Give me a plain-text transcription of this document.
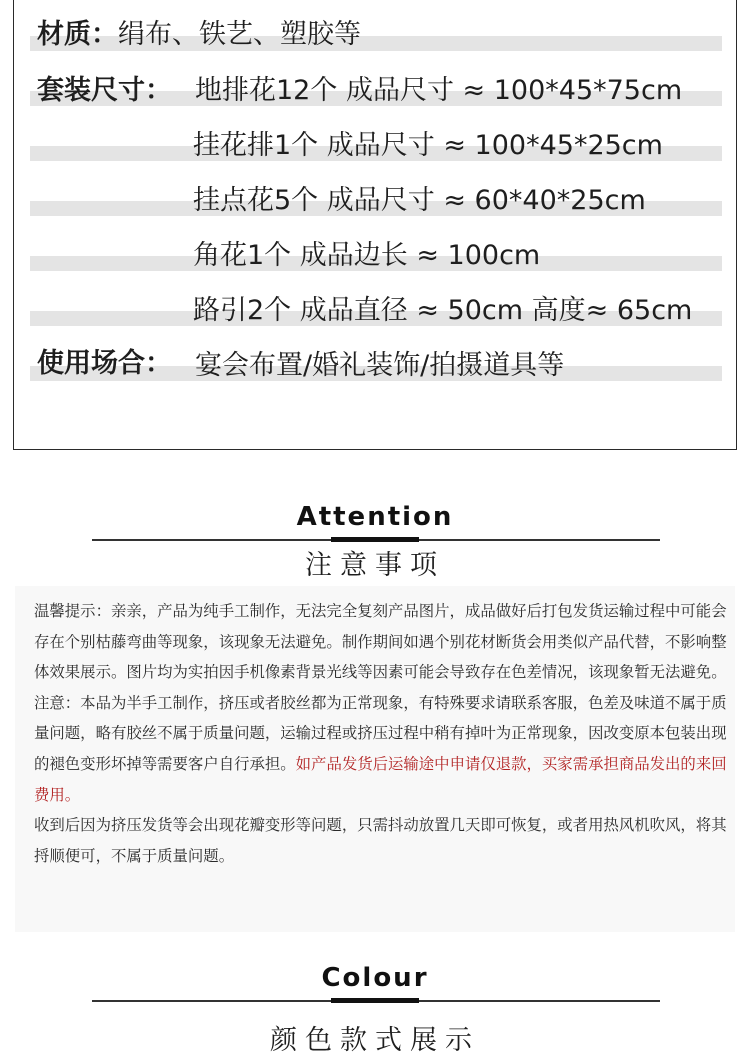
材质：绢布、铁艺、塑胶等
套装尺寸： 地排花12个 成品尺寸 ≈ 100*45*75cm
挂花排1个 成品尺寸 ≈ 100*45*25cm
挂点花5个 成品尺寸 ≈ 60*40*25cm
角花1个 成品边长 ≈ 100cm
路引2个 成品直径 ≈ 50cm 高度≈ 65cm
使用场合： 宴会布置/婚礼装饰/拍摄道具等
Attention
注意事项

温馨提示：亲亲，产品为纯手工制作，无法完全复刻产品图片，成品做好后打包发货运输过程中可能会存在个别枯藤弯曲等现象，该现象无法避免。制作期间如遇个别花材断货会用类似产品代替，不影响整体效果展示。图片均为实拍因手机像素背景光线等因素可能会导致存在色差情况，该现象暂无法避免。

注意：本品为半手工制作，挤压或者胶丝都为正常现象，有特殊要求请联系客服，色差及味道不属于质量问题，略有胶丝不属于质量问题，运输过程或挤压过程中稍有掉叶为正常现象，因改变原本包装出现的褪色变形坏掉等需要客户自行承担。如产品发货后运输途中申请仅退款，买家需承担商品发出的来回费用。

收到后因为挤压发货等会出现花瓣变形等问题，只需抖动放置几天即可恢复，或者用热风机吹风，将其捋顺便可，不属于质量问题。

Colour
颜色款式展示
